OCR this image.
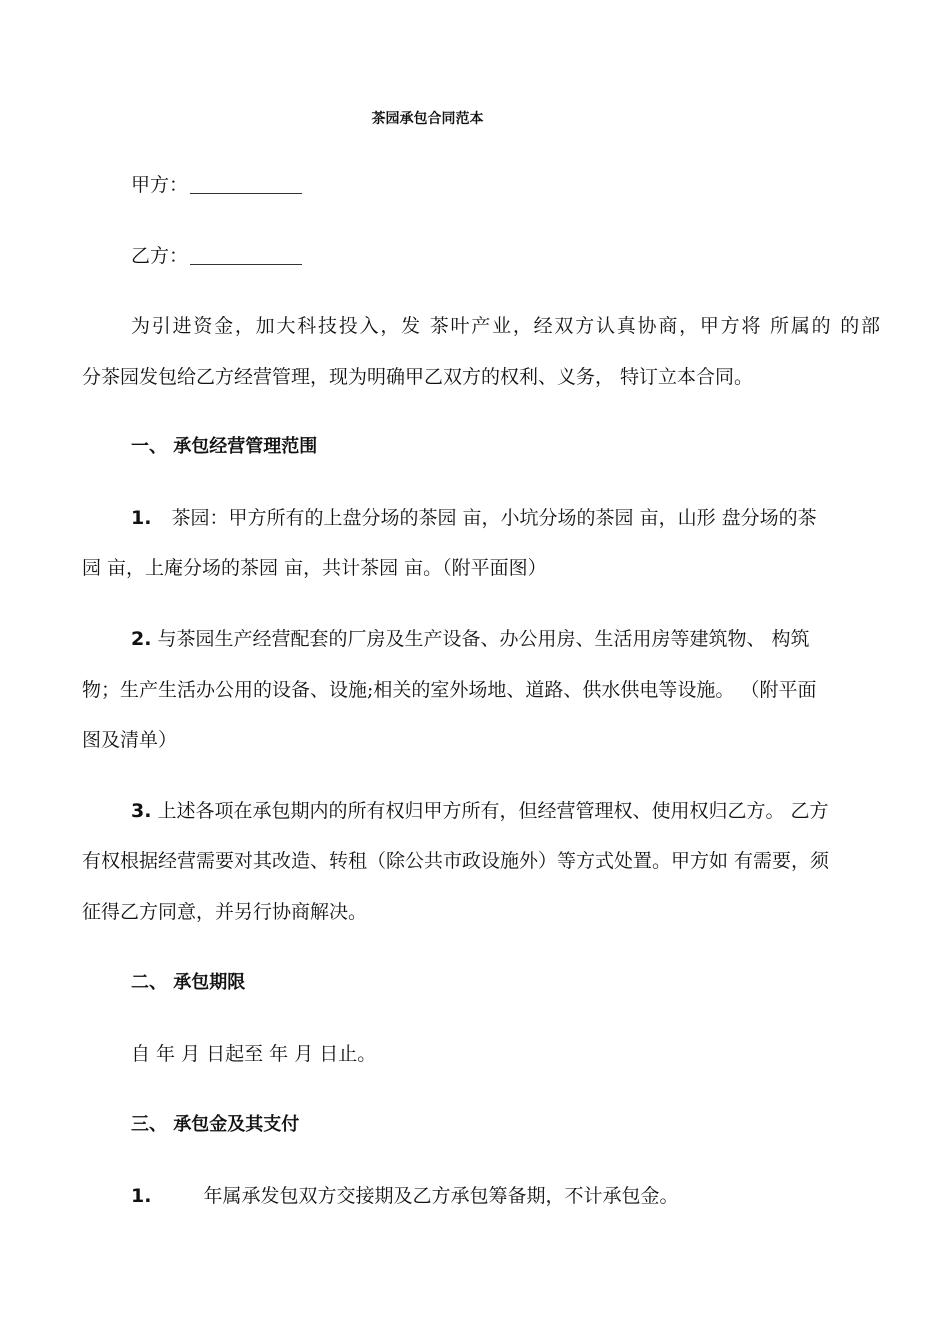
茶园承包合同范本
甲方：
乙方：
为引进资金，加大科技投入，发 茶叶产业，经双方认真协商，甲方将 所属的 的部
分茶园发包给乙方经营管理，现为明确甲乙双方的权利、义务， 特订立本合同。
一、 承包经营管理范围
1. 茶园：甲方所有的上盘分场的茶园 亩，小坑分场的茶园 亩，山形 盘分场的茶
园 亩，上庵分场的茶园 亩，共计茶园 亩。（附平面图）
2. 与茶园生产经营配套的厂房及生产设备、办公用房、生活用房等建筑物、 构筑
物；生产生活办公用的设备、设施;相关的室外场地、道路、供水供电等设施。 （附平面
图及清单）
3. 上述各项在承包期内的所有权归甲方所有，但经营管理权、使用权归乙方。 乙方
有权根据经营需要对其改造、转租（除公共市政设施外）等方式处置。甲方如 有需要，须
征得乙方同意，并另行协商解决。
二、 承包期限
自 年 月 日起至 年 月 日止。
三、 承包金及其支付
1.	年属承发包双方交接期及乙方承包筹备期，不计承包金。
